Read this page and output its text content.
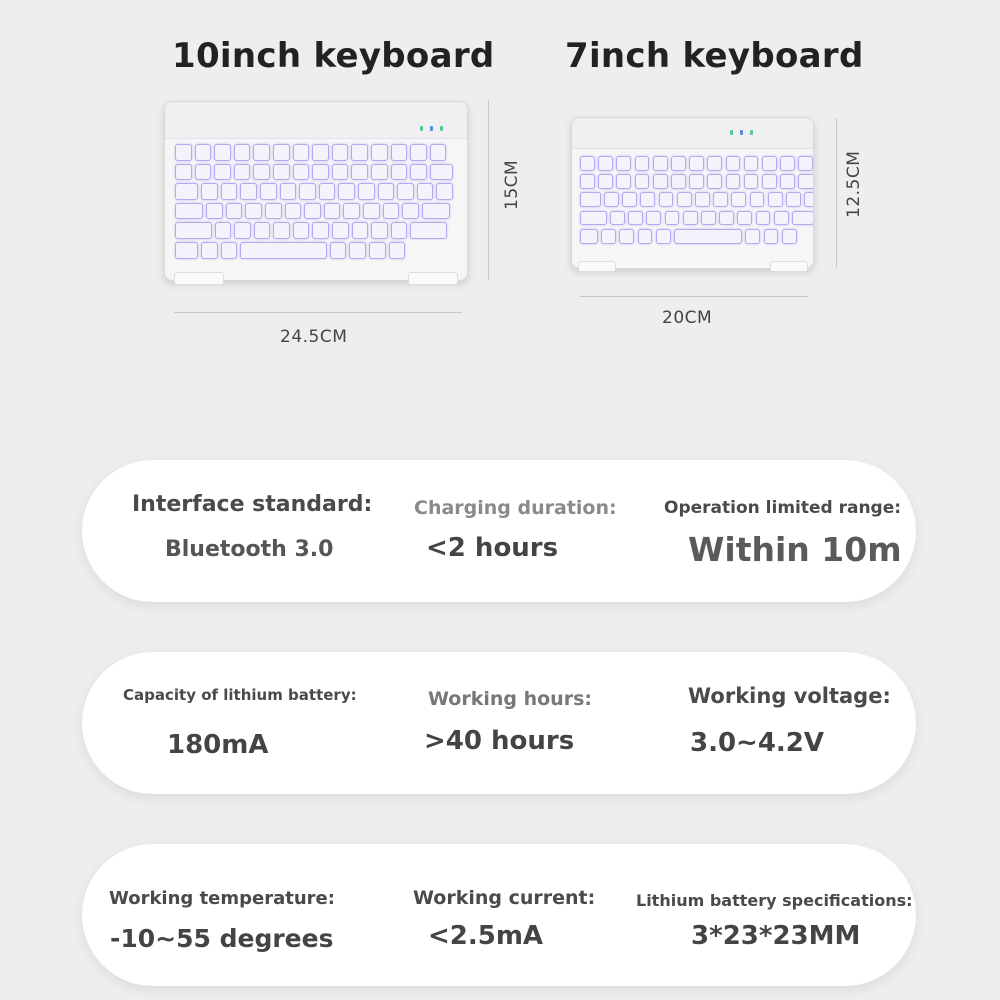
10inch keyboard 7inch keyboard
24.5CM
15CM
20CM
12.5CM
Interface standard:
Bluetooth 3.0
Charging duration:
<2 hours
Operation limited range:
Within 10m
Capacity of lithium battery:
180mA
Working hours:
>40 hours
Working voltage:
3.0~4.2V
Working temperature:
-10~55 degrees
Working current:
<2.5mA
Lithium battery specifications:
3*23*23MM
